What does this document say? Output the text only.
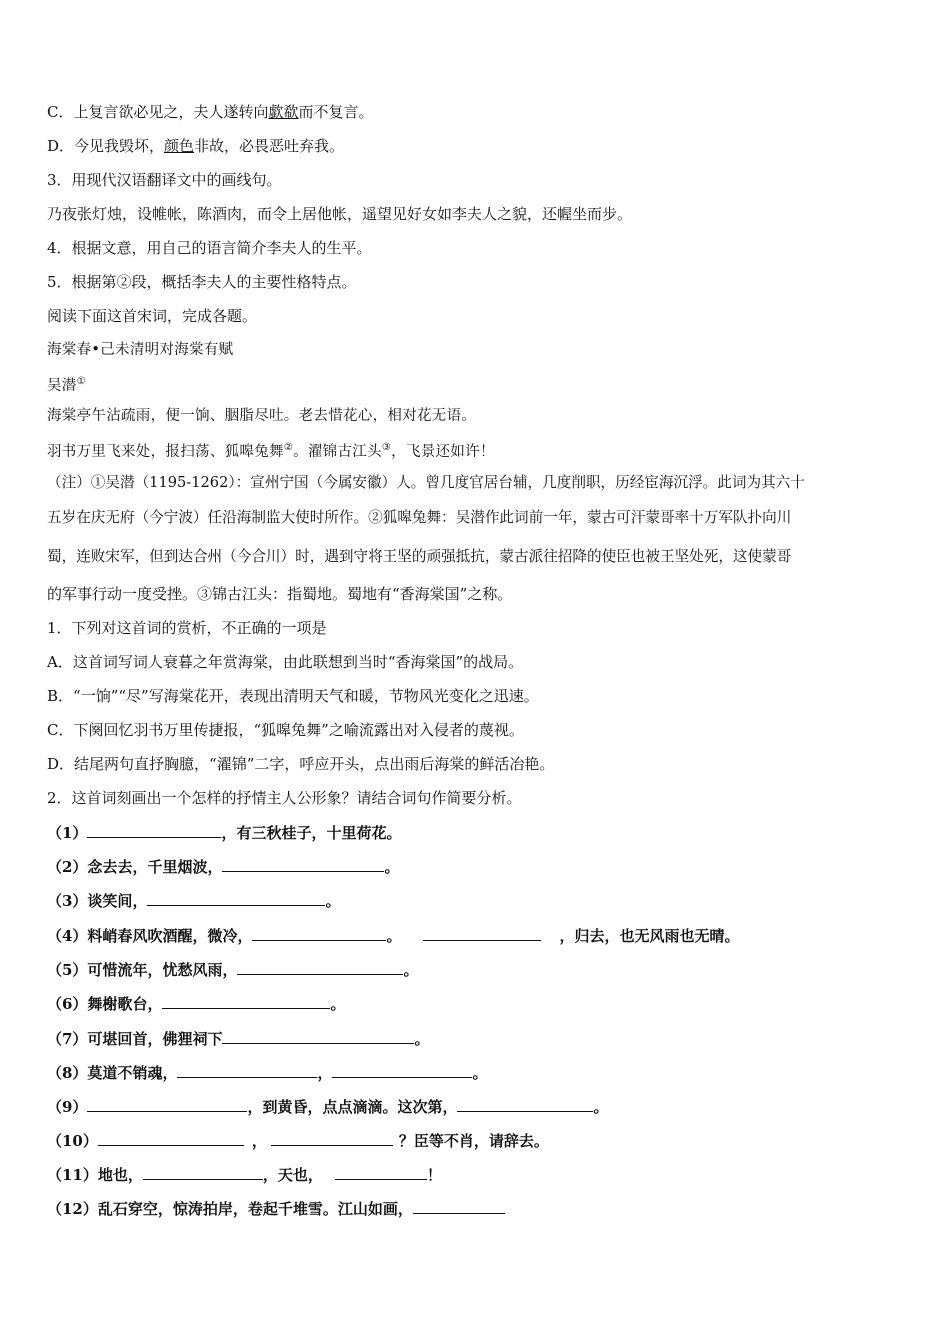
C．上复言欲必见之，夫人遂转向歔欷而不复言。
D．今见我毁坏，颜色非故，必畏恶吐弃我。
3．用现代汉语翻译文中的画线句。
乃夜张灯烛，设帷帐，陈酒肉，而令上居他帐，遥望见好女如李夫人之貌，还幄坐而步。
4．根据文意，用自己的语言简介李夫人的生平。
5．根据第②段，概括李夫人的主要性格特点。
阅读下面这首宋词，完成各题。
海棠春•己未清明对海棠有赋
吴潜①
海棠亭午沾疏雨，便一饷、胭脂尽吐。老去惜花心，相对花无语。
羽书万里飞来处，报扫荡、狐嗥兔舞②。濯锦古江头③，飞景还如许！
（注）①吴潜（1195-1262）：宣州宁国（今属安徽）人。曾几度官居台辅，几度削职，历经宦海沉浮。此词为其六十
五岁在庆无府（今宁波）任沿海制监大使时所作。②狐嗥兔舞：吴潜作此词前一年，蒙古可汗蒙哥率十万军队扑向川
蜀，连败宋军，但到达合州（今合川）时，遇到守将王坚的顽强抵抗，蒙古派往招降的使臣也被王坚处死，这使蒙哥
的军事行动一度受挫。③锦古江头：指蜀地。蜀地有“香海棠国”之称。
1．下列对这首词的赏析，不正确的一项是
A．这首词写词人衰暮之年赏海棠，由此联想到当时“香海棠国”的战局。
B．“一饷”“尽”写海棠花开，表现出清明天气和暖，节物风光变化之迅速。
C．下阕回忆羽书万里传捷报，“狐嗥兔舞”之喻流露出对入侵者的蔑视。
D．结尾两句直抒胸臆，“濯锦”二字，呼应开头，点出雨后海棠的鲜活冶艳。
2．这首词刻画出一个怎样的抒情主人公形象？请结合词句作简要分析。
（1）	，有三秋桂子，十里荷花。
（2）念去去，千里烟波，	。
（3）谈笑间，	。
（4）料峭春风吹酒醒，微冷，	。	，归去，也无风雨也无晴。
（5）可惜流年，忧愁风雨，	。
（6）舞榭歌台，	。
（7）可堪回首，佛狸祠下	。
（8）莫道不销魂，	，	。
（9）	，到黄昏，点点滴滴。这次第，	。
（10）	，	？臣等不肖，请辞去。
（11）地也，	，天也，	！
（12）乱石穿空，惊涛拍岸，卷起千堆雪。江山如画，
